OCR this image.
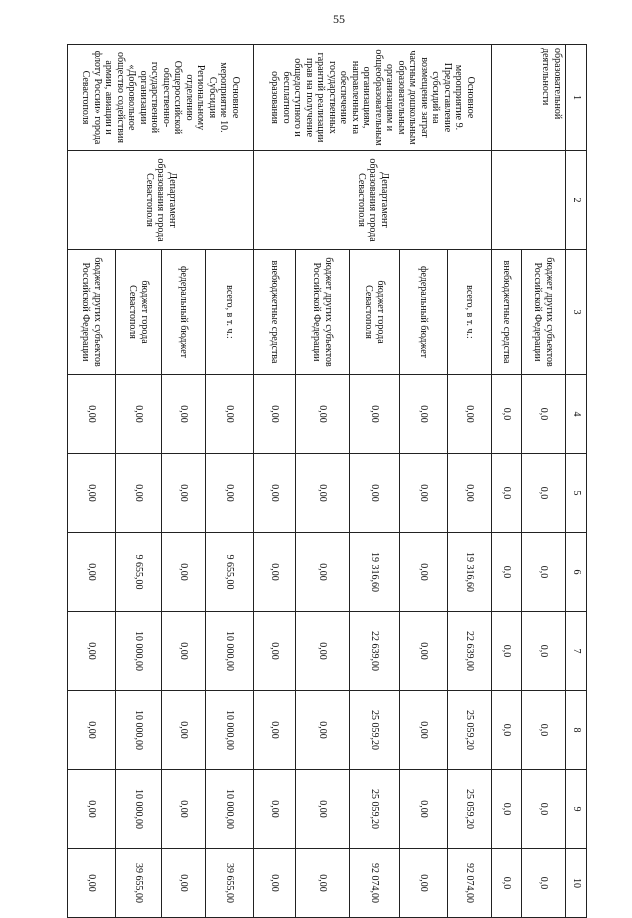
55
1	2	3	4	5	6	7	8	9	10
образовательной деятельности		бюджет других субъектов Российской Федерации	0,0	0,0	0,0	0,0	0,0	0,0	0,0
		внебюджетные средства	0,0	0,0	0,0	0,0	0,0	0,0	0,0
Основное мероприятие 9. Предоставление субсидий на возмещение затрат частным дошкольным образовательным организациям и общеобразовательным организациям, направленных на обеспечение государственных гарантий реализации прав на получение общедоступного и бесплатного образования	Департамент образования города Севастополя	всего, в т. ч.:	0,00	0,00	19 316,60	22 639,00	25 059,20	25 059,20	92 074,00
		федеральный бюджет	0,00	0,00	0,00	0,00	0,00	0,00	0,00
		бюджет города Севастополя	0,00	0,00	19 316,60	22 639,00	25 059,20	25 059,20	92 074,00
		бюджет других субъектов Российской Федерации	0,00	0,00	0,00	0,00	0,00	0,00	0,00
		внебюджетные средства	0,00	0,00	0,00	0,00	0,00	0,00	0,00
Основное мероприятие 10. Субсидия Региональному отделению Общероссийской общественно-государственной организации «Добровольное общество содействия армии, авиации и флоту России» города Севастополя	Департамент образования города Севастополя	всего, в т. ч.:	0,00	0,00	9 655,00	10 000,00	10 000,00	10 000,00	39 655,00
		федеральный бюджет	0,00	0,00	0,00	0,00	0,00	0,00	0,00
		бюджет города Севастополя	0,00	0,00	9 655,00	10 000,00	10 000,00	10 000,00	39 655,00
		бюджет других субъектов Российской Федерации	0,00	0,00	0,00	0,00	0,00	0,00	0,00
